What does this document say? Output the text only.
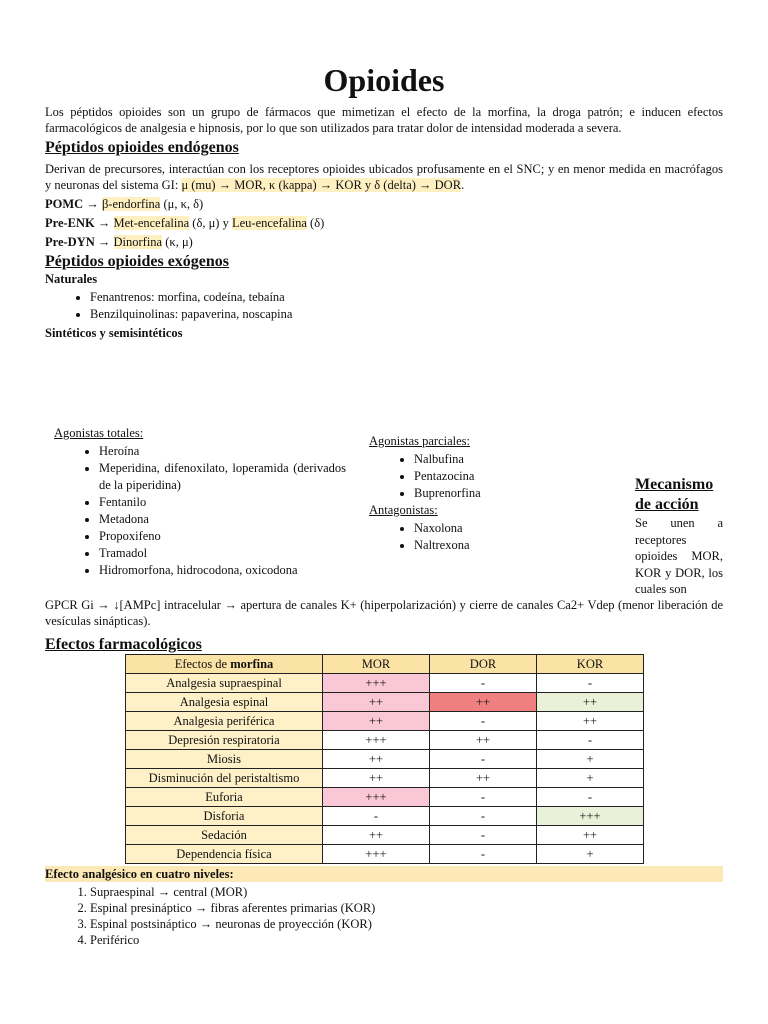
Opioides

Los péptidos opioides son un grupo de fármacos que mimetizan el efecto de la morfina, la droga patrón; e inducen efectos farmacológicos de analgesia e hipnosis, por lo que son utilizados para tratar dolor de intensidad moderada a severa.

Péptidos opioides endógenos

Derivan de precursores, interactúan con los receptores opioides ubicados profusamente en el SNC; y en menor medida en macrófagos y neuronas del sistema GI: μ (mu) → MOR, κ (kappa) → KOR y δ (delta) → DOR.

POMC → β-endorfina (μ, κ, δ)

Pre-ENK → Met-encefalina (δ, μ) y Leu-encefalina (δ)

Pre-DYN → Dinorfina (κ, μ)

Péptidos opioides exógenos

Naturales

• Fenantrenos: morfina, codeína, tebaína
• Benzilquinolinas: papaverina, noscapina

Sintéticos y semisintéticos

Agonistas totales:

• Heroína
• Meperidina, difenoxilato, loperamida (derivados de la piperidina)
• Fentanilo
• Metadona
• Propoxifeno
• Tramadol
• Hidromorfona, hidrocodona, oxicodona

Agonistas parciales:

• Nalbufina
• Pentazocina
• Buprenorfina

Antagonistas:

• Naxolona
• Naltrexona
Mecanismo de acción
Se unen a receptores opioides MOR, KOR y DOR, los cuales son

GPCR Gi → ↓[AMPc] intracelular → apertura de canales K+ (hiperpolarización) y cierre de canales Ca2+ Vdep (menor liberación de vesículas sinápticas).

Efectos farmacológicos
Efectos de morfina	MOR	DOR	KOR
Analgesia supraespinal	+++	-	-
Analgesia espinal	++	++	++
Analgesia periférica	++	-	++
Depresión respiratoria	+++	++	-
Miosis	++	-	+
Disminución del peristaltismo	++	++	+
Euforia	+++	-	-
Disforia	-	-	+++
Sedación	++	-	++
Dependencia física	+++	-	+
Efecto analgésico en cuatro niveles:
1. Supraespinal → central (MOR)
2. Espinal presináptico → fibras aferentes primarias (KOR)
3. Espinal postsináptico → neuronas de proyección (KOR)
4. Periférico
